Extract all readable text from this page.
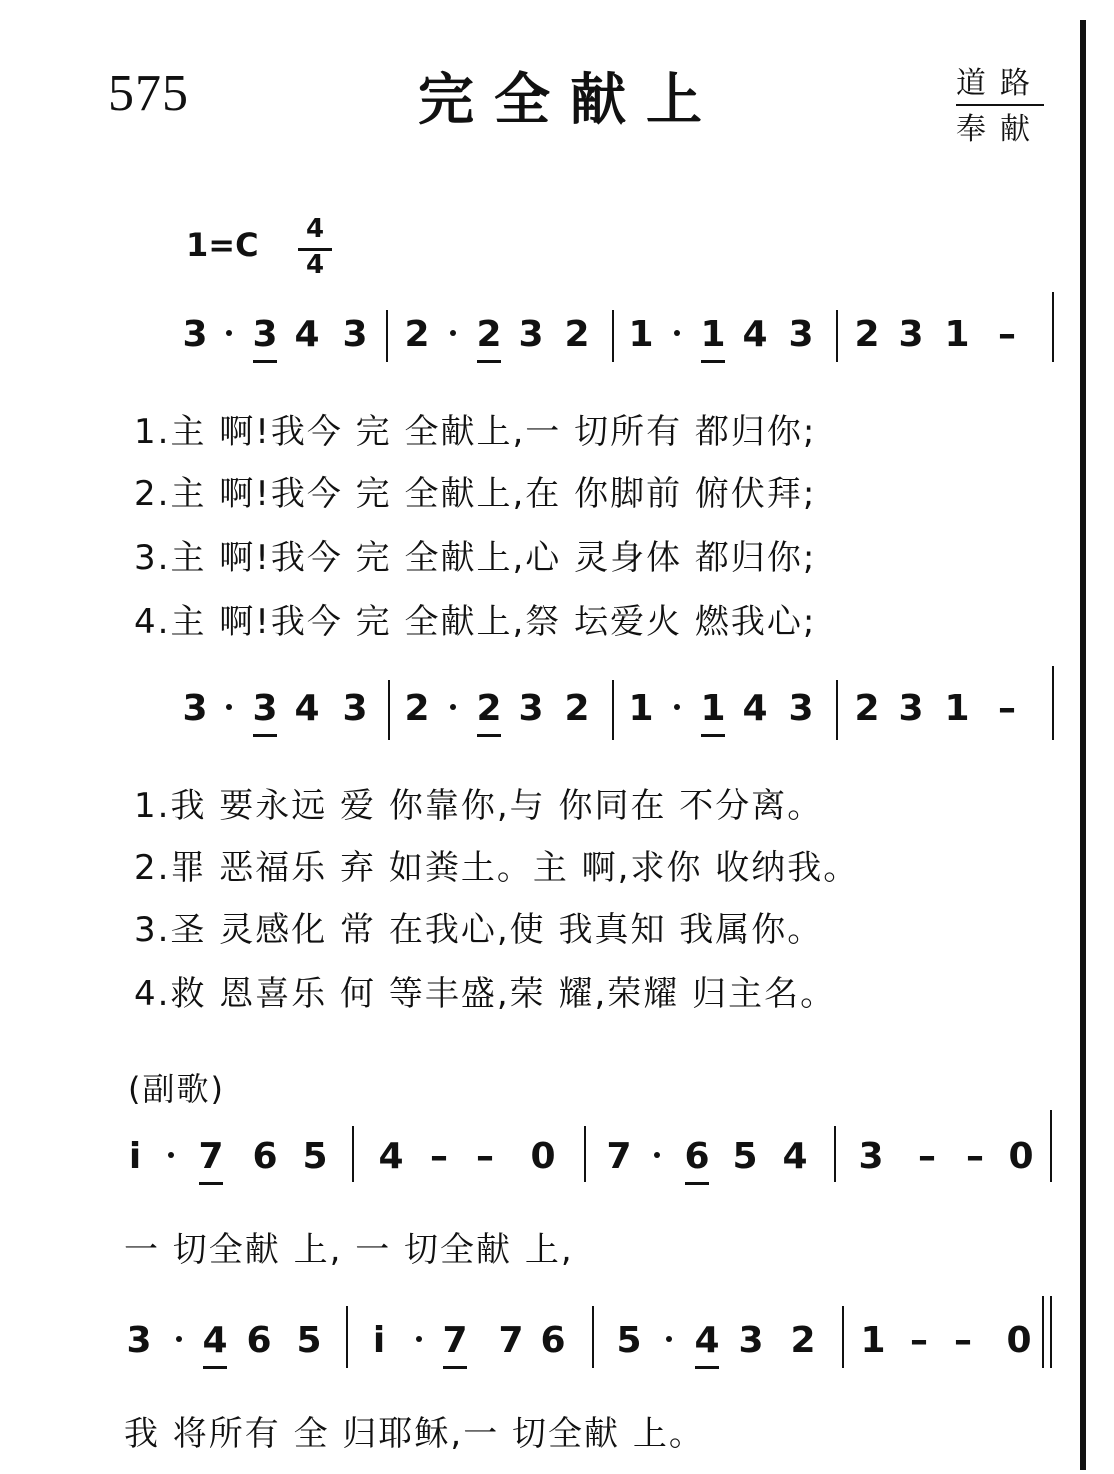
575	完全献上	道路
奉献
1=C 4
4
3 3 4 3 2 2 3 2 1 1 4 3 2 3 1 –
1.主 啊!我今 完 全献上,一 切所有 都归你;
2.主 啊!我今 完 全献上,在 你脚前 俯伏拜;
3.主 啊!我今 完 全献上,心 灵身体 都归你;
4.主 啊!我今 完 全献上,祭 坛爱火 燃我心;
3 3 4 3 2 2 3 2 1 1 4 3 2 3 1 –
1.我 要永远 爱 你靠你,与 你同在 不分离。
2.罪 恶福乐 弃 如粪土。主 啊,求你 收纳我。
3.圣 灵感化 常 在我心,使 我真知 我属你。
4.救 恩喜乐 何 等丰盛,荣 耀,荣耀 归主名。
(副歌)
i 7 6 5 4 – – 0 7 6 5 4 3 – – 0
一 切全献 上, 一 切全献 上,
3 4 6 5 i 7 7 6 5 4 3 2 1 – – 0
我 将所有 全 归耶稣,一 切全献 上。
